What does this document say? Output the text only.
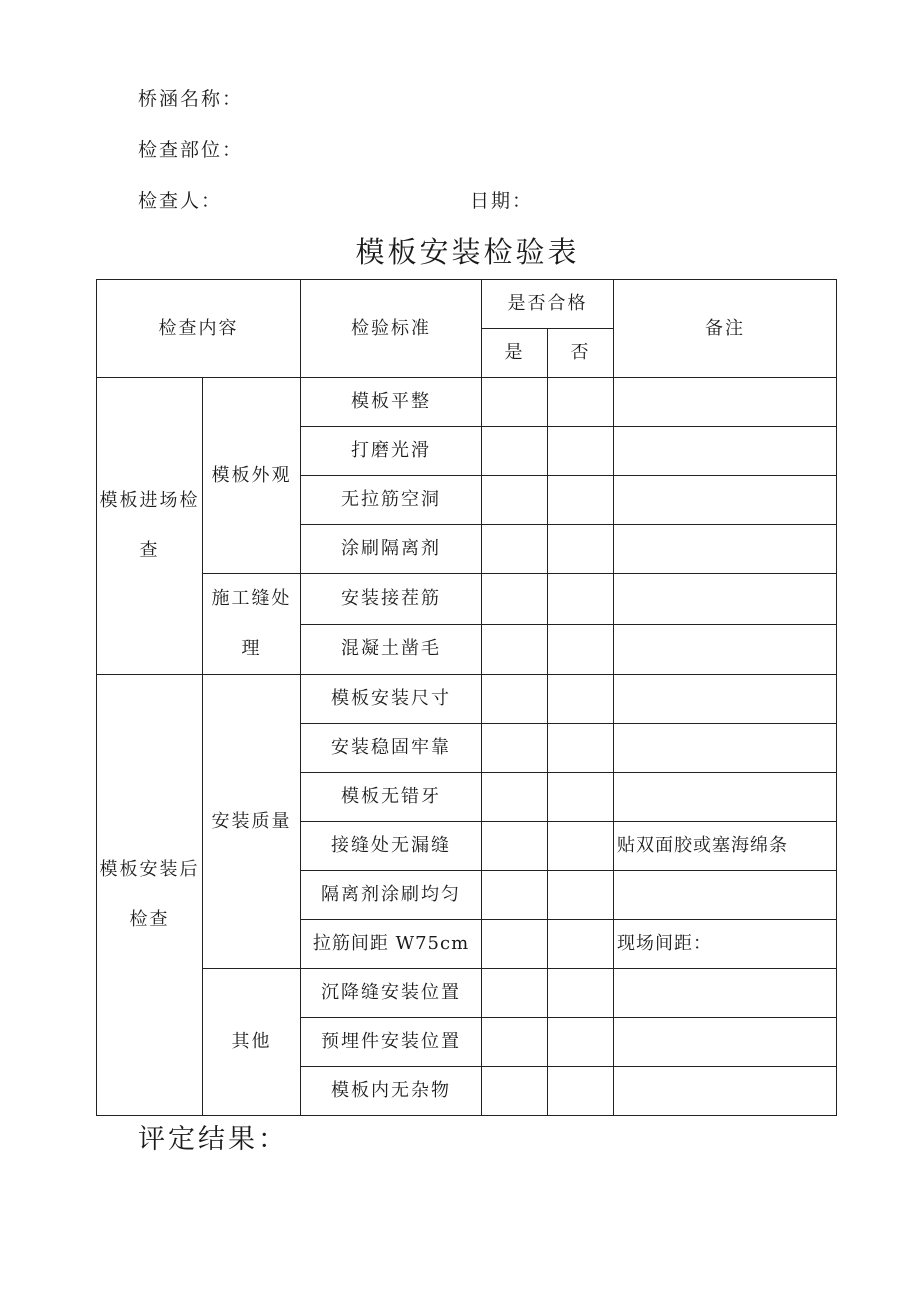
桥涵名称：
检查部位：
检查人：	日期：
模板安装检验表
检查内容		检验标准	是否合格		备注
			是	否	
模板进场检查	模板外观	模板平整			
		打磨光滑			
		无拉筋空洞			
		涂刷隔离剂			
	施工缝处理	安装接茬筋			
		混凝土凿毛			
模板安装后检查	安装质量	模板安装尺寸			
		安装稳固牢靠			
		模板无错牙			
		接缝处无漏缝			贴双面胶或塞海绵条
		隔离剂涂刷均匀			
		拉筋间距 W75cm			现场间距：
	其他	沉降缝安装位置			
		预埋件安装位置			
		模板内无杂物			
评定结果：
